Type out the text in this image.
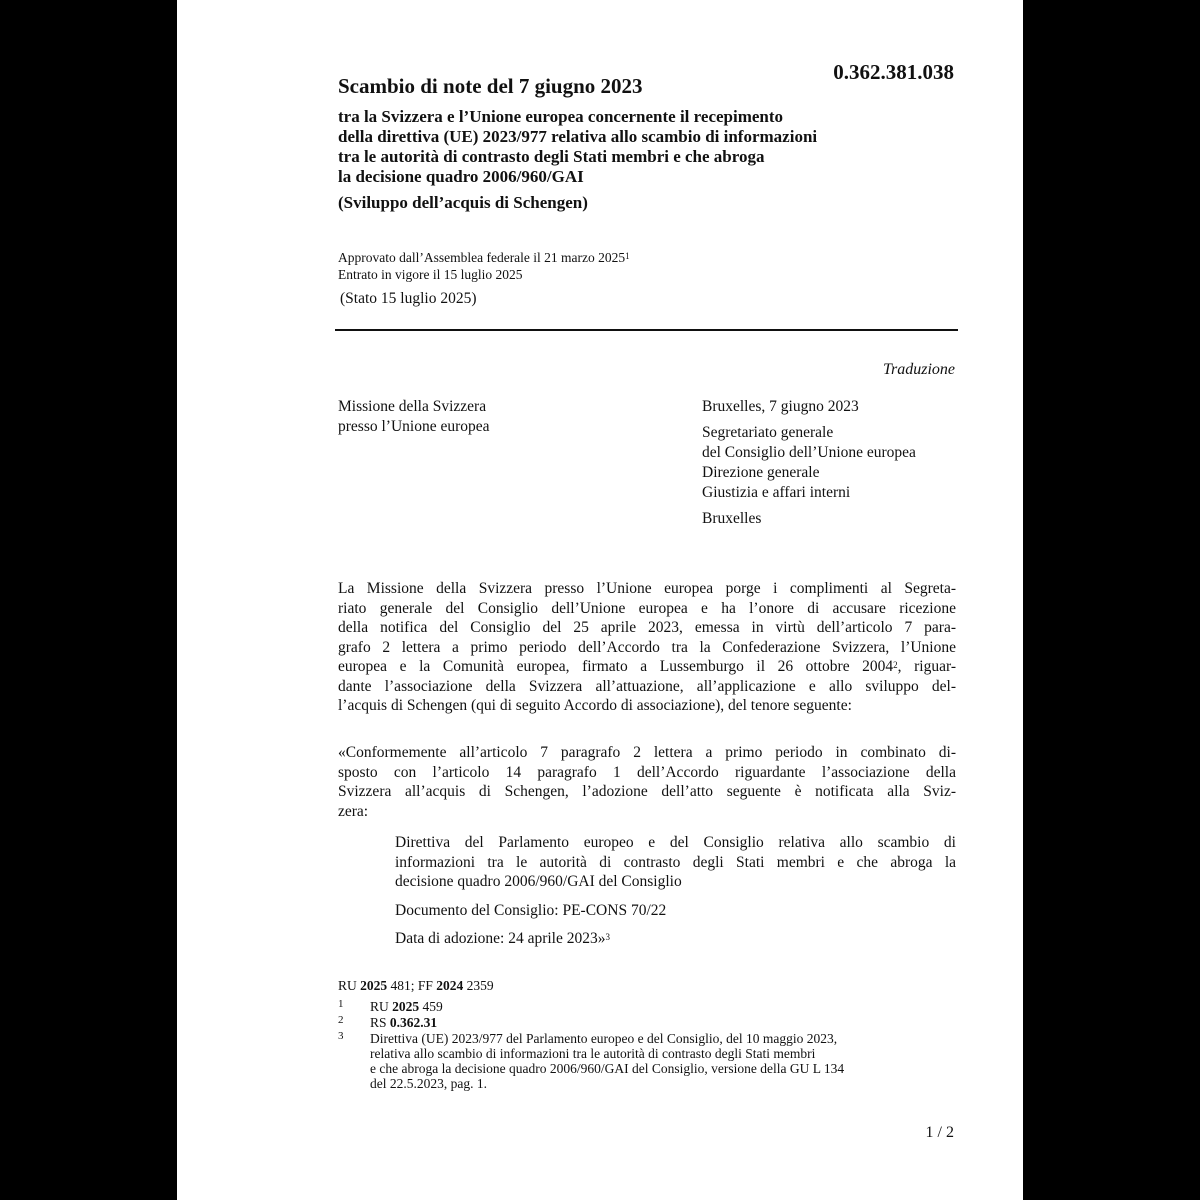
0.362.381.038
Scambio di note del 7 giugno 2023
tra la Svizzera e l’Unione europea concernente il recepimento
della direttiva (UE) 2023/977 relativa allo scambio di informazioni
tra le autorità di contrasto degli Stati membri e che abroga
la decisione quadro 2006/960/GAI
(Sviluppo dell’acquis di Schengen)
Approvato dall’Assemblea federale il 21 marzo 2025$^1$
Entrato in vigore il 15 luglio 2025
(Stato 15 luglio 2025)
Traduzione
Missione della Svizzera
presso l’Unione europea
Bruxelles, 7 giugno 2023
Segretariato generale
del Consiglio dell’Unione europea
Direzione generale
Giustizia e affari interni
Bruxelles
La Missione della Svizzera presso l’Unione europea porge i complimenti al Segreta-
riato generale del Consiglio dell’Unione europea e ha l’onore di accusare ricezione
della notifica del Consiglio del 25 aprile 2023, emessa in virtù dell’articolo 7 para-
grafo 2 lettera a primo periodo dell’Accordo tra la Confederazione Svizzera, l’Unione
europea e la Comunità europea, firmato a Lussemburgo il 26 ottobre 2004$^2$, riguar-
dante l’associazione della Svizzera all’attuazione, all’applicazione e allo sviluppo del-
l’acquis di Schengen (qui di seguito Accordo di associazione), del tenore seguente:
«Conformemente all’articolo 7 paragrafo 2 lettera a primo periodo in combinato di-
sposto con l’articolo 14 paragrafo 1 dell’Accordo riguardante l’associazione della
Svizzera all’acquis di Schengen, l’adozione dell’atto seguente è notificata alla Sviz-
zera:
Direttiva del Parlamento europeo e del Consiglio relativa allo scambio di
informazioni tra le autorità di contrasto degli Stati membri e che abroga la
decisione quadro 2006/960/GAI del Consiglio
Documento del Consiglio: PE-CONS 70/22
Data di adozione: 24 aprile 2023»$^3$
RU 2025 481; FF 2024 2359
1 RU 2025 459
2 RS 0.362.31
3 Direttiva (UE) 2023/977 del Parlamento europeo e del Consiglio, del 10 maggio 2023,
relativa allo scambio di informazioni tra le autorità di contrasto degli Stati membri
e che abroga la decisione quadro 2006/960/GAI del Consiglio, versione della GU L 134
del 22.5.2023, pag. 1.
1 / 2
